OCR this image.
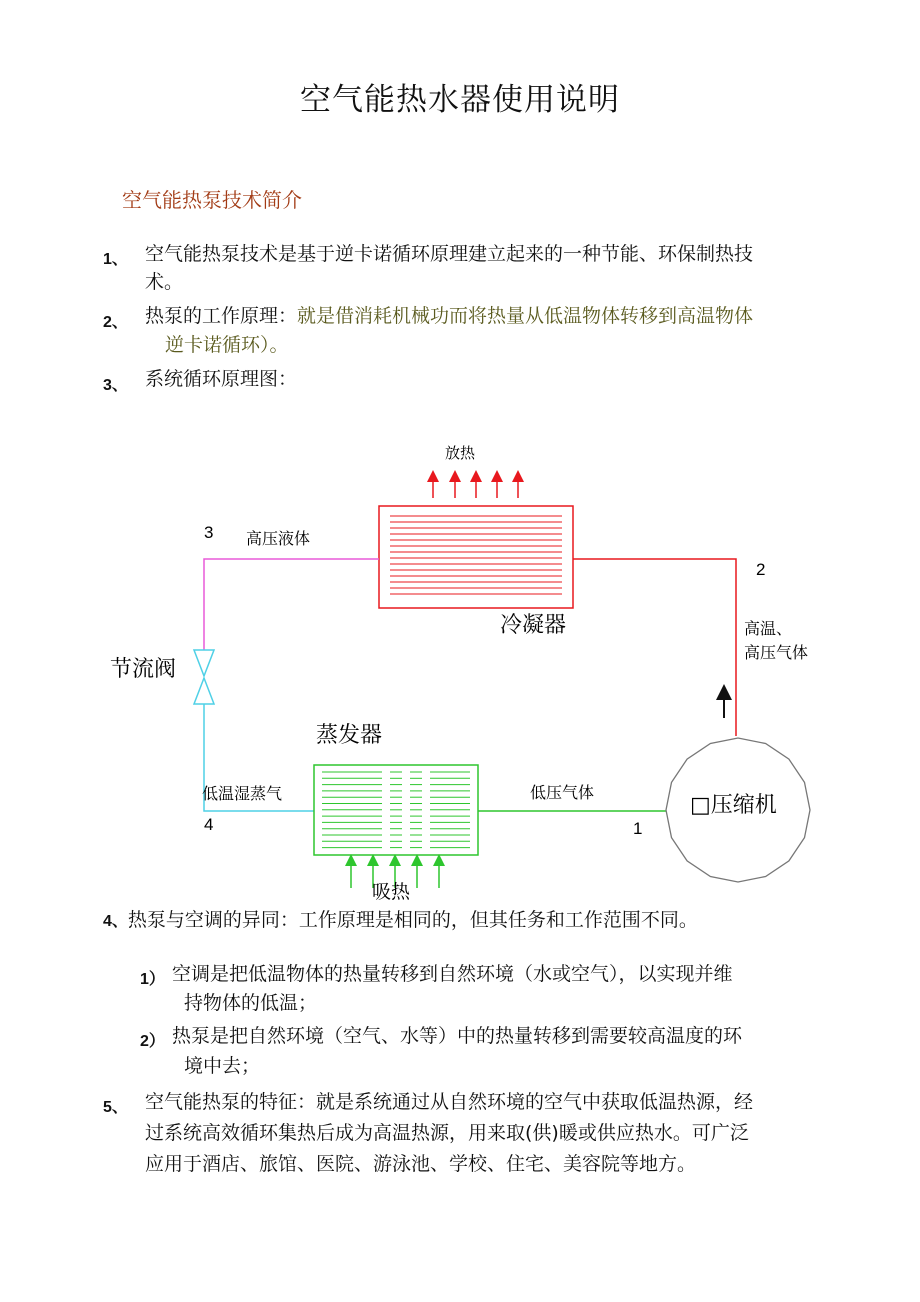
空气能热水器使用说明
空气能热泵技术简介
1、 空气能热泵技术是基于逆卡诺循环原理建立起来的一种节能、环保制热技
术。
2、 热泵的工作原理：就是借消耗机械功而将热量从低温物体转移到高温物体
逆卡诺循环）。
3、 系统循环原理图：
放热
冷凝器
节流阀
蒸发器
吸热
□压缩机
高压液体
高温、
高压气体
低温湿蒸气	低压气体
3
2
4	1
4、热泵与空调的异同：工作原理是相同的，但其任务和工作范围不同。
1） 空调是把低温物体的热量转移到自然环境（水或空气），以实现并维
持物体的低温；
2） 热泵是把自然环境（空气、水等）中的热量转移到需要较高温度的环
境中去；
5、 空气能热泵的特征：就是系统通过从自然环境的空气中获取低温热源，经
过系统高效循环集热后成为高温热源，用来取(供)暖或供应热水。可广泛
应用于酒店、旅馆、医院、游泳池、学校、住宅、美容院等地方。
